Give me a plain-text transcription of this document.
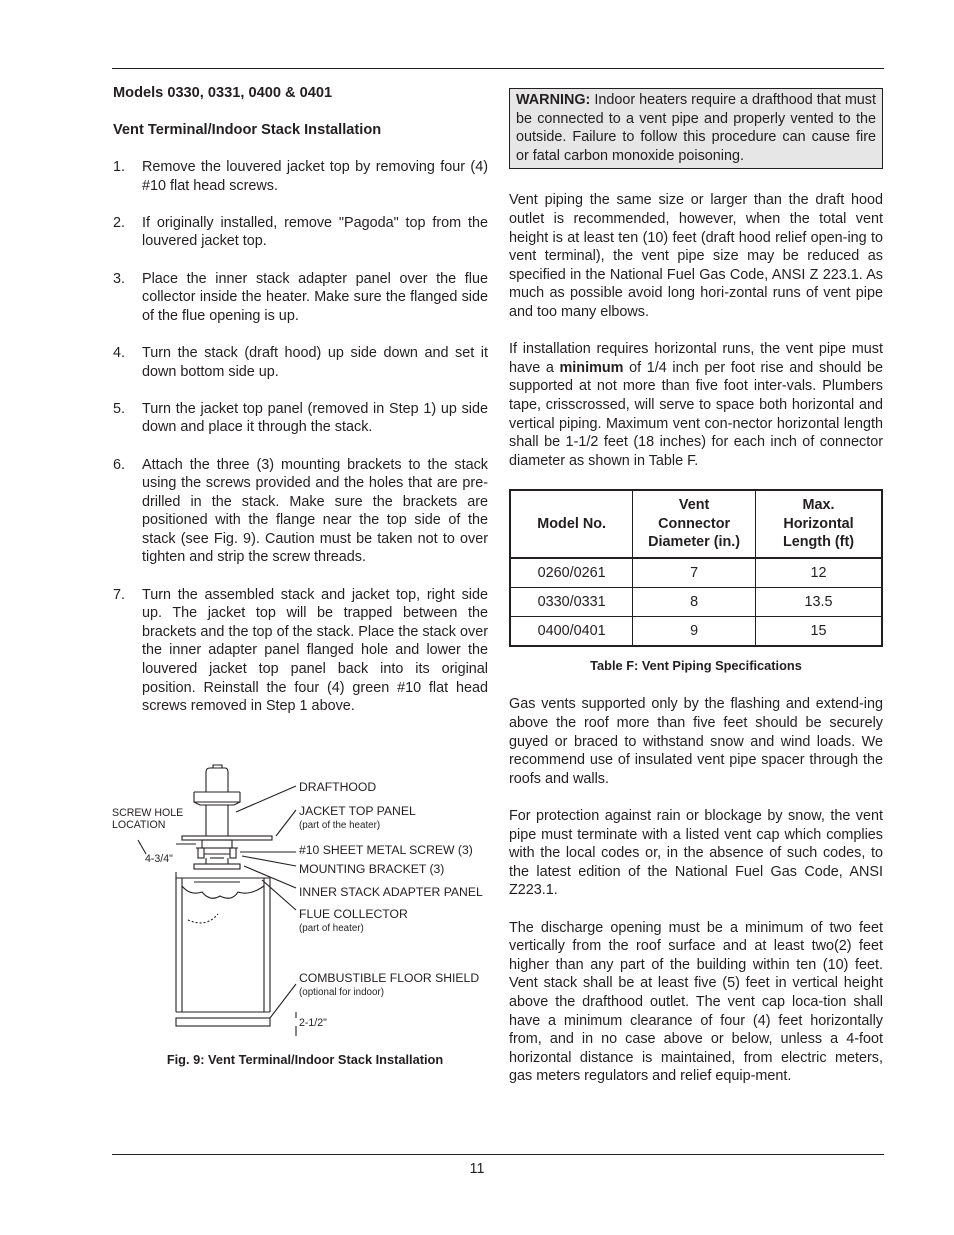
Models 0330, 0331, 0400 & 0401
Vent Terminal/Indoor Stack Installation
1. Remove the louvered jacket top by removing four (4) #10 flat head screws.
2. If originally installed, remove "Pagoda" top from the louvered jacket top.
3. Place the inner stack adapter panel over the flue collector inside the heater. Make sure the flanged side of the flue opening is up.
4. Turn the stack (draft hood) up side down and set it down bottom side up.
5. Turn the jacket top panel (removed in Step 1) up side down and place it through the stack.
6. Attach the three (3) mounting brackets to the stack using the screws provided and the holes that are pre-drilled in the stack. Make sure the brackets are positioned with the flange near the top side of the stack (see Fig. 9). Caution must be taken not to over tighten and strip the screw threads.
7. Turn the assembled stack and jacket top, right side up. The jacket top will be trapped between the brackets and the top of the stack. Place the stack over the inner adapter panel flanged hole and lower the louvered jacket top panel back into its original position. Reinstall the four (4) green #10 flat head screws removed in Step 1 above.
DRAFTHOOD
JACKET TOP PANEL
(part of the heater)
SCREW HOLE
LOCATION
4-3/4"
#10 SHEET METAL SCREW (3)
MOUNTING BRACKET (3)
INNER STACK ADAPTER PANEL
FLUE COLLECTOR
(part of heater)
COMBUSTIBLE FLOOR SHIELD
(optional for indoor)
2-1/2"
Fig. 9: Vent Terminal/Indoor Stack Installation
WARNING: Indoor heaters require a drafthood that must be connected to a vent pipe and properly vented to the outside. Failure to follow this procedure can cause fire or fatal carbon monoxide poisoning.

Vent piping the same size or larger than the draft hood outlet is recommended, however, when the total vent height is at least ten (10) feet (draft hood relief open-ing to vent terminal), the vent pipe size may be reduced as specified in the National Fuel Gas Code, ANSI Z 223.1. As much as possible avoid long hori-zontal runs of vent pipe and too many elbows.

If installation requires horizontal runs, the vent pipe must have a minimum of 1/4 inch per foot rise and should be supported at not more than five foot inter-vals. Plumbers tape, crisscrossed, will serve to space both horizontal and vertical piping. Maximum vent con-nector horizontal length shall be 1-1/2 feet (18 inches) for each inch of connector diameter as shown in Table F.

Model No.	Vent Connector Diameter (in.)	Max. Horizontal Length (ft)
0260/0261	7	12
0330/0331	8	13.5
0400/0401	9	15
Table F: Vent Piping Specifications

Gas vents supported only by the flashing and extend-ing above the roof more than five feet should be securely guyed or braced to withstand snow and wind loads. We recommend use of insulated vent pipe spacer through the roofs and walls.

For protection against rain or blockage by snow, the vent pipe must terminate with a listed vent cap which complies with the local codes or, in the absence of such codes, to the latest edition of the National Fuel Gas Code, ANSI Z223.1.

The discharge opening must be a minimum of two feet vertically from the roof surface and at least two(2) feet higher than any part of the building within ten (10) feet. Vent stack shall be at least five (5) feet in vertical height above the drafthood outlet. The vent cap loca-tion shall have a minimum clearance of four (4) feet horizontally from, and in no case above or below, unless a 4-foot horizontal distance is maintained, from electric meters, gas meters regulators and relief equip-ment.

11
